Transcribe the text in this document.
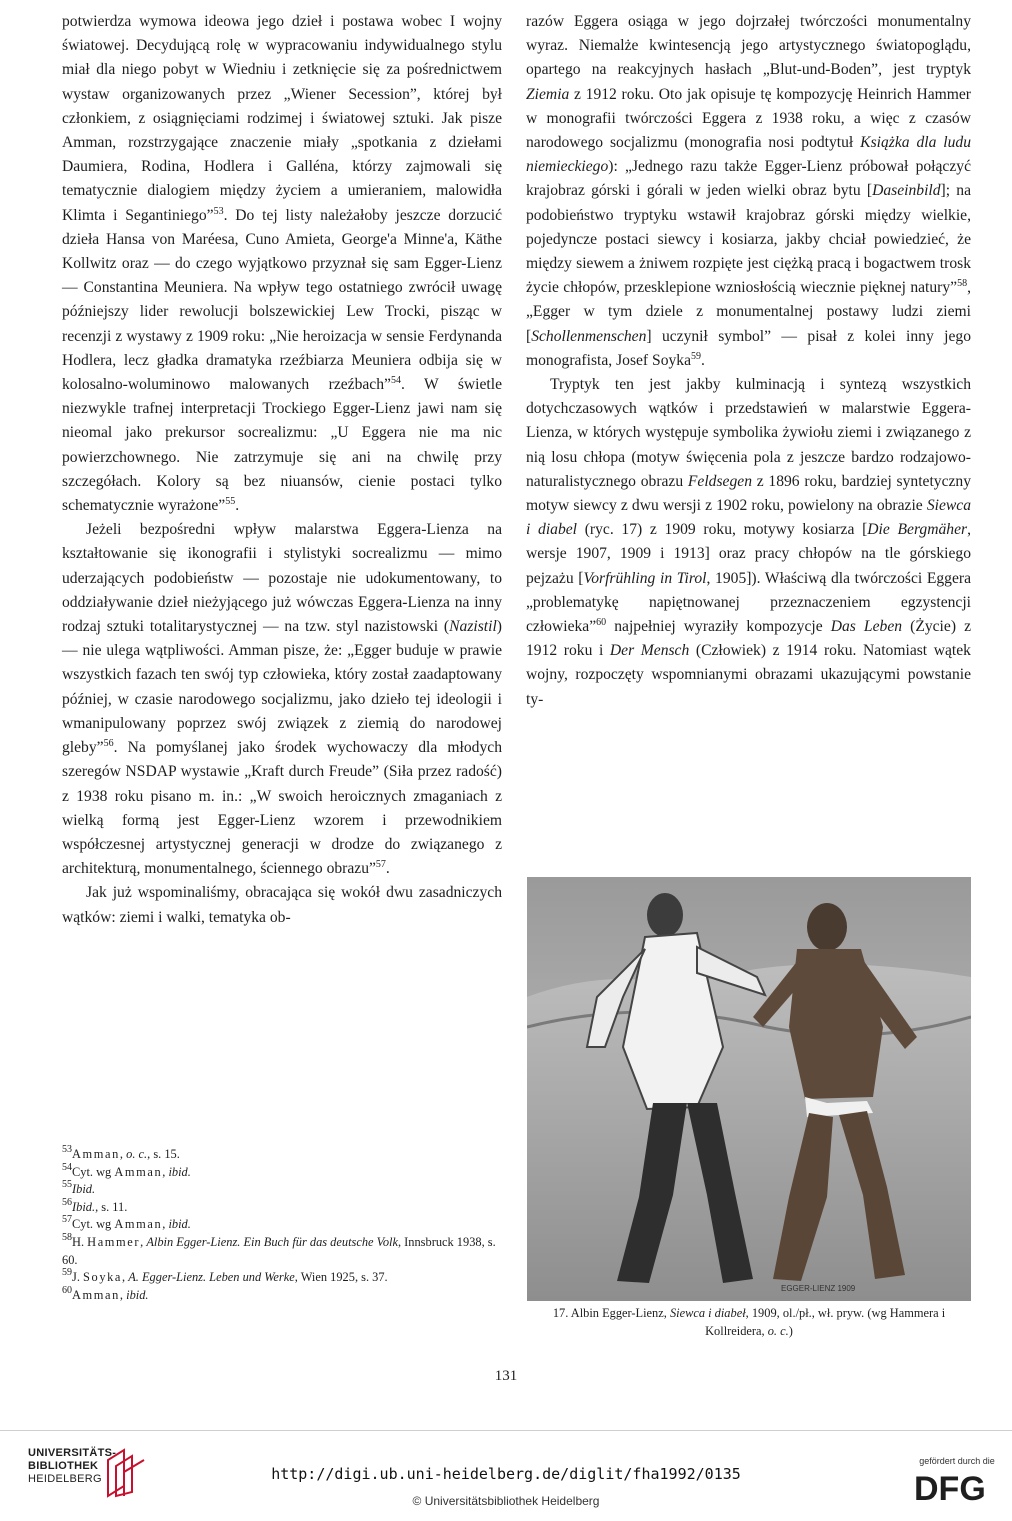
potwierdza wymowa ideowa jego dzieł i postawa wobec I wojny światowej. Decydującą rolę w wypracowaniu indywidualnego stylu miał dla niego pobyt w Wiedniu i zetknięcie się za pośrednictwem wystaw organizowanych przez „Wiener Secession”, której był członkiem, z osiągnięciami rodzimej i światowej sztuki. Jak pisze Amman, rozstrzygające znaczenie miały „spotkania z dziełami Daumiera, Rodina, Hodlera i Galléna, którzy zajmowali się tematycznie dialogiem między życiem a umieraniem, malowidła Klimta i Segantiniego”$^{53}$. Do tej listy należałoby jeszcze dorzucić dzieła Hansa von Maréesa, Cuno Amieta, George'a Minne'a, Käthe Kollwitz oraz — do czego wyjątkowo przyznał się sam Egger-Lienz — Constantina Meuniera. Na wpływ tego ostatniego zwrócił uwagę późniejszy lider rewolucji bolszewickiej Lew Trocki, pisząc w recenzji z wystawy z 1909 roku: „Nie heroizacja w sensie Ferdynanda Hodlera, lecz gładka dramatyka rzeźbiarza Meuniera odbija się w kolosalno-woluminowo malowanych rzeźbach”$^{54}$. W świetle niezwykle trafnej interpretacji Trockiego Egger-Lienz jawi nam się nieomal jako prekursor socrealizmu: „U Eggera nie ma nic powierzchownego. Nie zatrzymuje się ani na chwilę przy szczegółach. Kolory są bez niuansów, cienie postaci tylko schematycznie wyrażone”$^{55}$.

Jeżeli bezpośredni wpływ malarstwa Eggera-Lienza na kształtowanie się ikonografii i stylistyki socrealizmu — mimo uderzających podobieństw — pozostaje nie udokumentowany, to oddziaływanie dzieł nieżyjącego już wówczas Eggera-Lienza na inny rodzaj sztuki totalitarystycznej — na tzw. styl nazistowski (Nazistil) — nie ulega wątpliwości. Amman pisze, że: „Egger buduje w prawie wszystkich fazach ten swój typ człowieka, który został zaadaptowany później, w czasie narodowego socjalizmu, jako dzieło tej ideologii i wmanipulowany poprzez swój związek z ziemią do narodowej gleby”$^{56}$. Na pomyślanej jako środek wychowaczy dla młodych szeregów NSDAP wystawie „Kraft durch Freude” (Siła przez radość) z 1938 roku pisano m. in.: „W swoich heroicznych zmaganiach z wielką formą jest Egger-Lienz wzorem i przewodnikiem współczesnej artystycznej generacji w drodze do związanego z architekturą, monumentalnego, ściennego obrazu”$^{57}$.

Jak już wspominaliśmy, obracająca się wokół dwu zasadniczych wątków: ziemi i walki, tematyka ob-

razów Eggera osiąga w jego dojrzałej twórczości monumentalny wyraz. Niemalże kwintesencją jego artystycznego światopoglądu, opartego na reakcyjnych hasłach „Blut-und-Boden”, jest tryptyk Ziemia z 1912 roku. Oto jak opisuje tę kompozycję Heinrich Hammer w monografii twórczości Eggera z 1938 roku, a więc z czasów narodowego socjalizmu (monografia nosi podtytuł Książka dla ludu niemieckiego): „Jednego razu także Egger-Lienz próbował połączyć krajobraz górski i górali w jeden wielki obraz bytu [Daseinbild]; na podobieństwo tryptyku wstawił krajobraz górski między wielkie, pojedyncze postaci siewcy i kosiarza, jakby chciał powiedzieć, że między siewem a żniwem rozpięte jest ciężką pracą i bogactwem trosk życie chłopów, przesklepione wzniosłością wiecznie pięknej natury”$^{58}$, „Egger w tym dziele z monumentalnej postawy ludzi ziemi [Schollenmenschen] uczynił symbol” — pisał z kolei inny jego monografista, Josef Soyka$^{59}$.

Tryptyk ten jest jakby kulminacją i syntezą wszystkich dotychczasowych wątków i przedstawień w malarstwie Eggera-Lienza, w których występuje symbolika żywiołu ziemi i związanego z nią losu chłopa (motyw święcenia pola z jeszcze bardzo rodzajowo-naturalistycznego obrazu Feldsegen z 1896 roku, bardziej syntetyczny motyw siewcy z dwu wersji z 1902 roku, powielony na obrazie Siewca i diabel (ryc. 17) z 1909 roku, motywy kosiarza [Die Bergmäher, wersje 1907, 1909 i 1913] oraz pracy chłopów na tle górskiego pejzażu [Vorfrühling in Tirol, 1905]). Właściwą dla twórczości Eggera „problematykę napiętnowanej przeznaczeniem egzystencji człowieka”$^{60}$ najpełniej wyraziły kompozycje Das Leben (Życie) z 1912 roku i Der Mensch (Człowiek) z 1914 roku. Natomiast wątek wojny, rozpoczęty wspomnianymi obrazami ukazującymi powstanie ty-

$^{53}$Amman, o. c., s. 15.
$^{54}$Cyt. wg Amman, ibid.
$^{55}$Ibid.
$^{56}$Ibid., s. 11.
$^{57}$Cyt. wg Amman, ibid.
$^{58}$H. Hammer, Albin Egger-Lienz. Ein Buch für das deutsche Volk, Innsbruck 1938, s. 60.
$^{59}$J. Soyka, A. Egger-Lienz. Leben und Werke, Wien 1925, s. 37.
$^{60}$Amman, ibid.	EGGER-LIENZ 1909
17. Albin Egger-Lienz, Siewca i diabeł, 1909, ol./pł., wł. pryw. (wg Hammera i Kollreidera, o. c.)
131
UNIVERSITÄTS-
BIBLIOTHEK
HEIDELBERG	http://digi.ub.uni-heidelberg.de/diglit/fha1992/0135
© Universitätsbibliothek Heidelberg
gefördert durch die
DFG
